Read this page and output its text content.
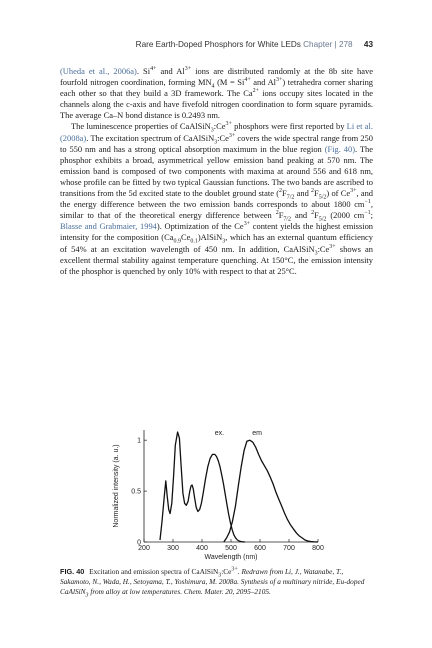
Rare Earth-Doped Phosphors for White LEDs Chapter | 278 43

(Uheda et al., 2006a). $Si^{4+}$ and $Al^{3+}$ ions are distributed randomly at the 8b site have fourfold nitrogen coordination, forming $MN_4$ ($M = Si^{4+}$ and $Al^{3+}$) tetrahedra corner sharing each other so that they build a 3D framework. The $Ca^{2+}$ ions occupy sites located in the channels along the c-axis and have fivefold nitrogen coordination to form square pyramids. The average Ca–N bond distance is 0.2493 nm.

The luminescence properties of $CaAlSiN_3:Ce^{3+}$ phosphors were first reported by Li et al. (2008a). The excitation spectrum of $CaAlSiN_3:Ce^{3+}$ covers the wide spectral range from 250 to 550 nm and has a strong optical absorption maximum in the blue region (Fig. 40). The phosphor exhibits a broad, asymmetrical yellow emission band peaking at 570 nm. The emission band is composed of two components with maxima at around 556 and 618 nm, whose profile can be fitted by two typical Gaussian functions. The two bands are ascribed to transitions from the 5d excited state to the doublet ground state ($^2F_{7/2}$ and $^2F_{5/2}$) of $Ce^{3+}$, and the energy difference between the two emission bands corresponds to about 1800 $cm^{-1}$, similar to that of the theoretical energy difference between $^2F_{7/2}$ and $^2F_{5/2}$ (2000 $cm^{-1}$; Blasse and Grabmaier, 1994). Optimization of the $Ce^{3+}$ content yields the highest emission intensity for the composition $(Ca_{0.9}Ce_{0.1})AlSiN_3$, which has an external quantum efficiency of 54% at an excitation wavelength of 450 nm. In addition, $CaAlSiN_3:Ce^{3+}$ shows an excellent thermal stability against temperature quenching. At 150°C, the emission intensity of the phosphor is quenched by only 10% with respect to that at 25°C.

200 300 400 500 600 700 800
0
0.5
1
Wavelength (nm)
Normalized intensity (a. u.)
ex.	em
FIG. 40 Excitation and emission spectra of $CaAlSiN_3:Ce^{3+}$. Redrawn from Li, J., Watanabe, T., Sakamoto, N., Wada, H., Setoyama, T., Yoshimura, M. 2008a. Synthesis of a multinary nitride, Eu-doped CaAlSiN$_3$ from alloy at low temperatures. Chem. Mater. 20, 2095–2105.
